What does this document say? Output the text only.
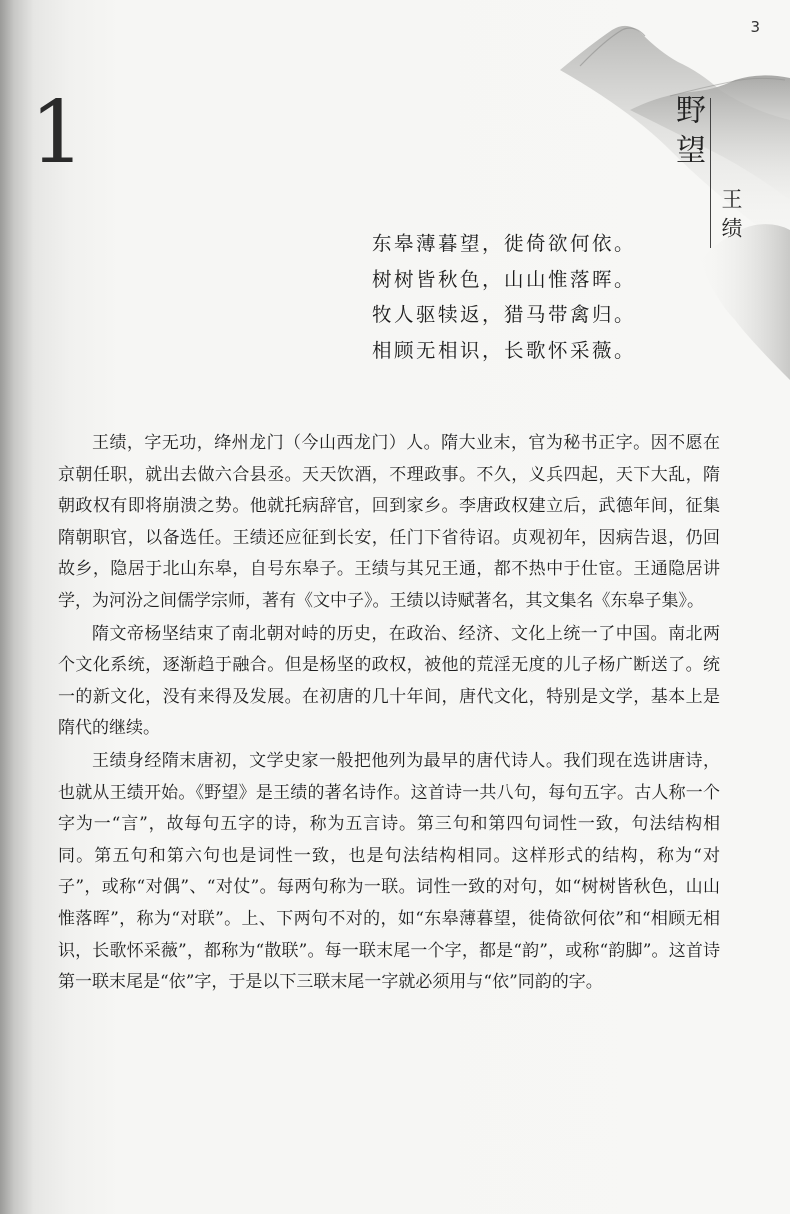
3
1	野望
王绩
东皋薄暮望，徙倚欲何依。
树树皆秋色，山山惟落晖。
牧人驱犊返，猎马带禽归。
相顾无相识，长歌怀采薇。

王绩，字无功，绛州龙门（今山西龙门）人。隋大业末，官为秘书正字。因不愿在京朝任职，就出去做六合县丞。天天饮酒，不理政事。不久，义兵四起，天下大乱，隋朝政权有即将崩溃之势。他就托病辞官，回到家乡。李唐政权建立后，武德年间，征集隋朝职官，以备选任。王绩还应征到长安，任门下省待诏。贞观初年，因病告退，仍回故乡，隐居于北山东皋，自号东皋子。王绩与其兄王通，都不热中于仕宦。王通隐居讲学，为河汾之间儒学宗师，著有《文中子》。王绩以诗赋著名，其文集名《东皋子集》。

隋文帝杨坚结束了南北朝对峙的历史，在政治、经济、文化上统一了中国。南北两个文化系统，逐渐趋于融合。但是杨坚的政权，被他的荒淫无度的儿子杨广断送了。统一的新文化，没有来得及发展。在初唐的几十年间，唐代文化，特别是文学，基本上是隋代的继续。

王绩身经隋末唐初，文学史家一般把他列为最早的唐代诗人。我们现在选讲唐诗，也就从王绩开始。《野望》是王绩的著名诗作。这首诗一共八句，每句五字。古人称一个字为一“言”，故每句五字的诗，称为五言诗。第三句和第四句词性一致，句法结构相同。第五句和第六句也是词性一致，也是句法结构相同。这样形式的结构，称为“对子”，或称“对偶”、“对仗”。每两句称为一联。词性一致的对句，如“树树皆秋色，山山惟落晖”，称为“对联”。上、下两句不对的，如“东皋薄暮望，徙倚欲何依”和“相顾无相识，长歌怀采薇”，都称为“散联”。每一联末尾一个字，都是“韵”，或称“韵脚”。这首诗第一联末尾是“依”字，于是以下三联末尾一字就必须用与“依”同韵的字。
